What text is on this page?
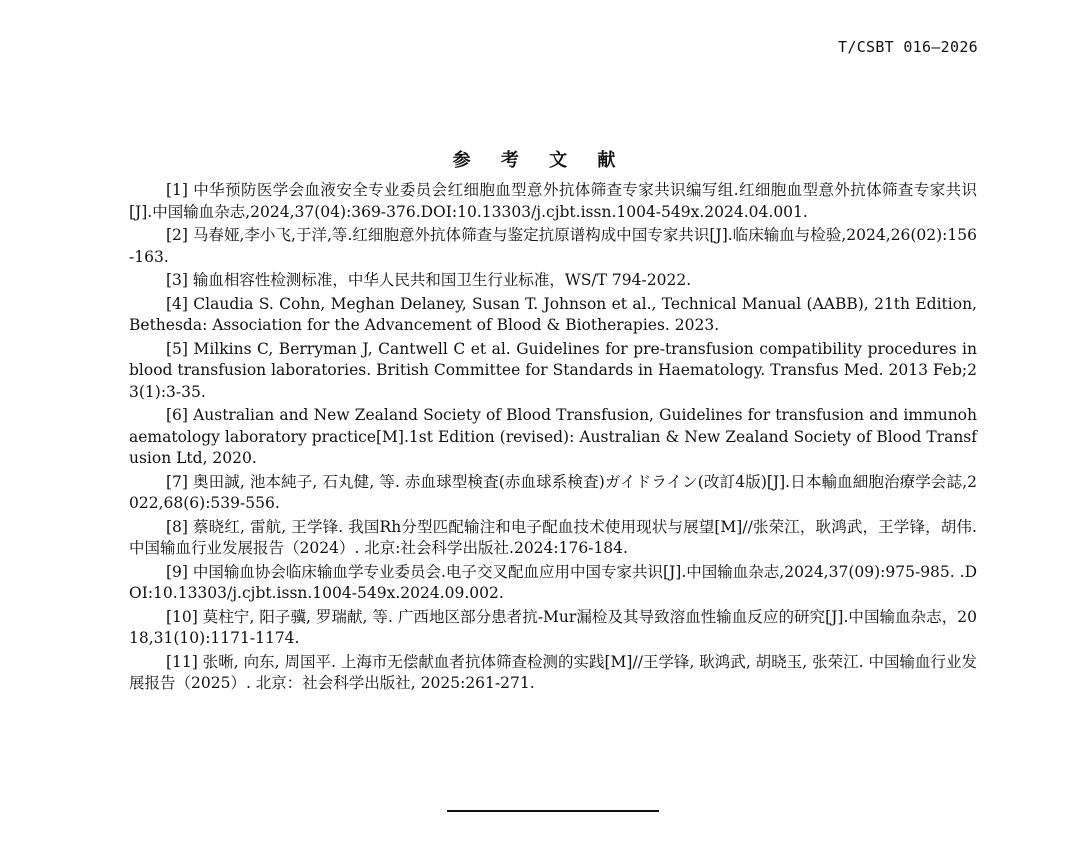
T/CSBT 016—2026
参 考 文 献

[1] 中华预防医学会血液安全专业委员会红细胞血型意外抗体筛查专家共识编写组.红细胞血型意外抗体筛查专家共识[J].中国输血杂志,2024,37(04):369-376.DOI:10.13303/j.cjbt.issn.1004-549x.2024.04.001.

[2] 马春娅,李小飞,于洋,等.红细胞意外抗体筛查与鉴定抗原谱构成中国专家共识[J].临床输血与检验,2024,26(02):156-163.

[3] 输血相容性检测标准，中华人民共和国卫生行业标准，WS/T 794-2022.

[4] Claudia S. Cohn, Meghan Delaney, Susan T. Johnson et al., Technical Manual (AABB), 21th Edition, Bethesda: Association for the Advancement of Blood & Biotherapies. 2023.

[5] Milkins C, Berryman J, Cantwell C et al. Guidelines for pre-transfusion compatibility procedures in blood transfusion laboratories. British Committee for Standards in Haematology. Transfus Med. 2013 Feb;23(1):3-35.

[6] Australian and New Zealand Society of Blood Transfusion, Guidelines for transfusion and immunohaematology laboratory practice[M].1st Edition (revised): Australian & New Zealand Society of Blood Transfusion Ltd, 2020.

[7] 奥田誠, 池本純子, 石丸健, 等. 赤血球型検査(赤血球系検査)ガイドライン(改訂4版)[J].日本輸血細胞治療学会誌,2022,68(6):539-556.

[8] 蔡晓红, 雷航, 王学锋. 我国Rh分型匹配输注和电子配血技术使用现状与展望[M]//张荣江，耿鸿武，王学锋，胡伟.中国输血行业发展报告（2024）. 北京:社会科学出版社.2024:176-184.

[9] 中国输血协会临床输血学专业委员会.电子交叉配血应用中国专家共识[J].中国输血杂志,2024,37(09):975-985. .DOI:10.13303/j.cjbt.issn.1004-549x.2024.09.002.

[10] 莫柱宁, 阳子骥, 罗瑞献, 等. 广西地区部分患者抗-Mur漏检及其导致溶血性输血反应的研究[J].中国输血杂志，2018,31(10):1171-1174.

[11] 张晰, 向东, 周国平. 上海市无偿献血者抗体筛查检测的实践[M]//王学锋, 耿鸿武, 胡晓玉, 张荣江. 中国输血行业发展报告（2025）. 北京：社会科学出版社, 2025:261-271.
